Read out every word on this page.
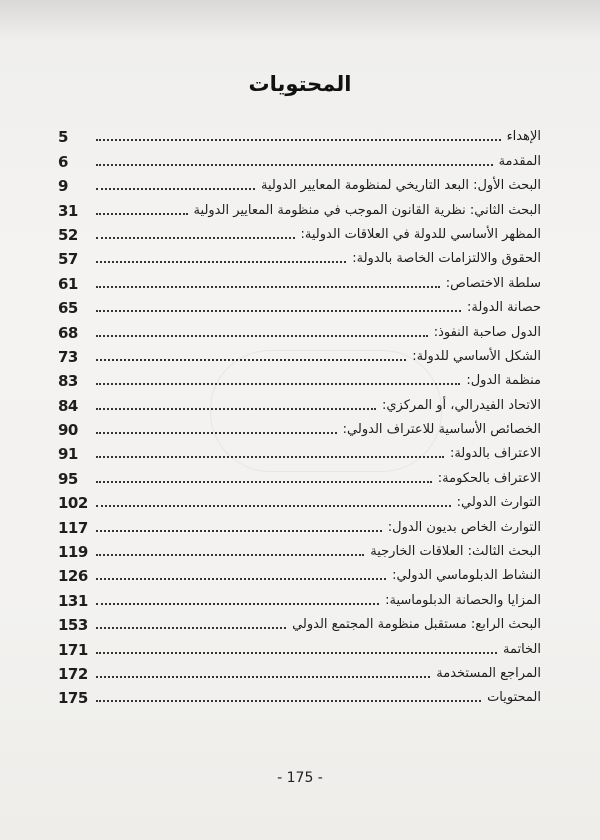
المحتويات
5	الإهداء
6	المقدمة
9	البحث الأول: البعد التاريخي لمنظومة المعايير الدولية
31	البحث الثاني: نظرية القانون الموجب في منظومة المعايير الدولية
52	المظهر الأساسي للدولة في العلاقات الدولية:
57	الحقوق والالتزامات الخاصة بالدولة:
61	سلطة الاختصاص:
65	حصانة الدولة:
68	الدول صاحبة النفوذ:
73	الشكل الأساسي للدولة:
83	منظمة الدول:
84	الاتحاد الفيدرالي، أو المركزي:
90	الخصائص الأساسية للاعتراف الدولي:
91	الاعتراف بالدولة:
95	الاعتراف بالحكومة:
102	التوارث الدولي:
117	التوارث الخاص بديون الدول:
119	البحث الثالث: العلاقات الخارجية
126	النشاط الدبلوماسي الدولي:
131	المزايا والحصانة الدبلوماسية:
153	البحث الرابع: مستقبل منظومة المجتمع الدولي
171	الخاتمة
172	المراجع المستخدمة
175	المحتويات
- 175 -
